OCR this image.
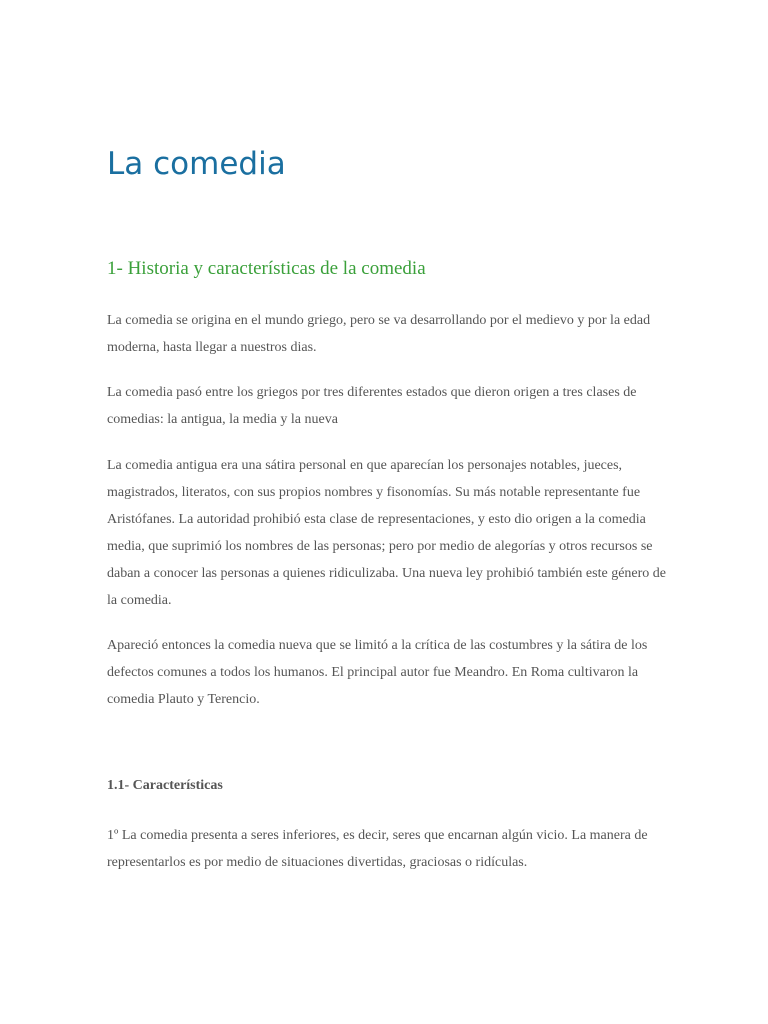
La comedia
1- Historia y características de la comedia

La comedia se origina en el mundo griego, pero se va desarrollando por el medievo y por la edad moderna, hasta llegar a nuestros dias.

La comedia pasó entre los griegos por tres diferentes estados que dieron origen a tres clases de comedias: la antigua, la media y la nueva

La comedia antigua era una sátira personal en que aparecían los personajes notables, jueces, magistrados, literatos, con sus propios nombres y fisonomías. Su más notable representante fue Aristófanes. La autoridad prohibió esta clase de representaciones, y esto dio origen a la comedia media, que suprimió los nombres de las personas; pero por medio de alegorías y otros recursos se daban a conocer las personas a quienes ridiculizaba. Una nueva ley prohibió también este género de la comedia.

Apareció entonces la comedia nueva que se limitó a la crítica de las costumbres y la sátira de los defectos comunes a todos los humanos. El principal autor fue Meandro. En Roma cultivaron la comedia Plauto y Terencio.

1.1- Características

1º La comedia presenta a seres inferiores, es decir, seres que encarnan algún vicio. La manera de representarlos es por medio de situaciones divertidas, graciosas o ridículas.
